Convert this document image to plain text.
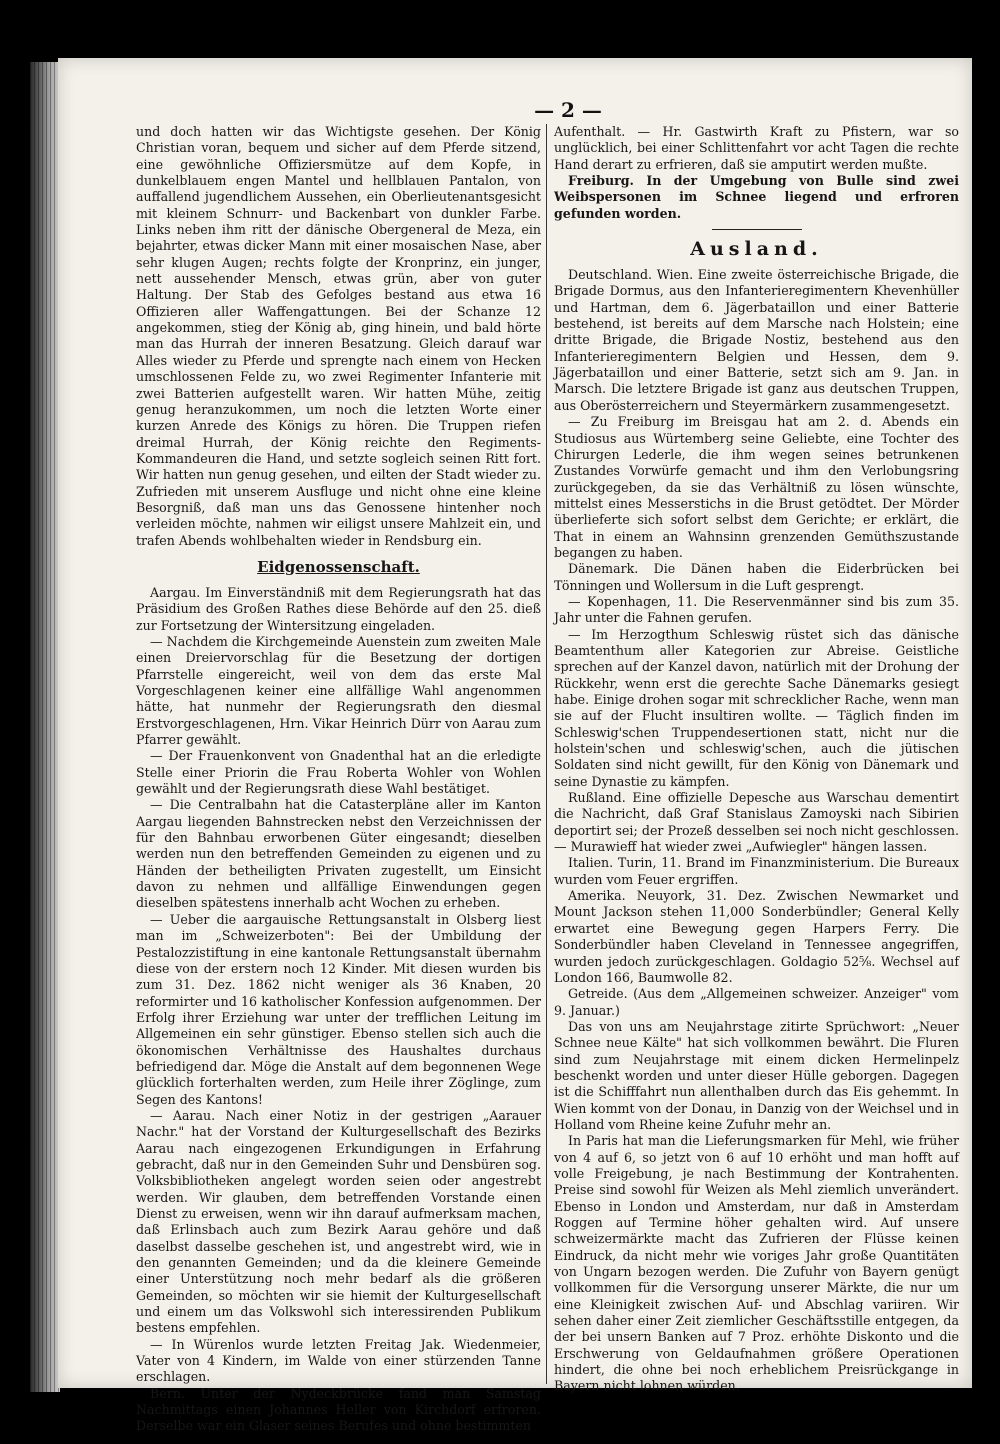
— 2 —

und doch hatten wir das Wichtigste gesehen. Der König Christian voran, bequem und sicher auf dem Pferde sitzend, eine gewöhnliche Offiziersmütze auf dem Kopfe, in dunkelblauem engen Mantel und hellblauen Pantalon, von auffallend jugendlichem Aussehen, ein Oberlieutenantsgesicht mit kleinem Schnurr- und Backenbart von dunkler Farbe. Links neben ihm ritt der dänische Obergeneral de Meza, ein bejahrter, etwas dicker Mann mit einer mosaischen Nase, aber sehr klugen Augen; rechts folgte der Kronprinz, ein junger, nett aussehender Mensch, etwas grün, aber von guter Haltung. Der Stab des Gefolges bestand aus etwa 16 Offizieren aller Waffengattungen. Bei der Schanze 12 angekommen, stieg der König ab, ging hinein, und bald hörte man das Hurrah der inneren Besatzung. Gleich darauf war Alles wieder zu Pferde und sprengte nach einem von Hecken umschlossenen Felde zu, wo zwei Regimenter Infanterie mit zwei Batterien aufgestellt waren. Wir hatten Mühe, zeitig genug heranzukommen, um noch die letzten Worte einer kurzen Anrede des Königs zu hören. Die Truppen riefen dreimal Hurrah, der König reichte den Regiments-Kommandeuren die Hand, und setzte sogleich seinen Ritt fort. Wir hatten nun genug gesehen, und eilten der Stadt wieder zu. Zufrieden mit unserem Ausfluge und nicht ohne eine kleine Besorgniß, daß man uns das Genossene hintenher noch verleiden möchte, nahmen wir eiligst unsere Mahlzeit ein, und trafen Abends wohlbehalten wieder in Rendsburg ein.

Eidgenossenschaft.

Aargau. Im Einverständniß mit dem Regierungsrath hat das Präsidium des Großen Rathes diese Behörde auf den 25. dieß zur Fortsetzung der Wintersitzung eingeladen.

— Nachdem die Kirchgemeinde Auenstein zum zweiten Male einen Dreiervorschlag für die Besetzung der dortigen Pfarrstelle eingereicht, weil von dem das erste Mal Vorgeschlagenen keiner eine allfällige Wahl angenommen hätte, hat nunmehr der Regierungsrath den diesmal Erstvorgeschlagenen, Hrn. Vikar Heinrich Dürr von Aarau zum Pfarrer gewählt.

— Der Frauenkonvent von Gnadenthal hat an die erledigte Stelle einer Priorin die Frau Roberta Wohler von Wohlen gewählt und der Regierungsrath diese Wahl bestätiget.

— Die Centralbahn hat die Catasterpläne aller im Kanton Aargau liegenden Bahnstrecken nebst den Verzeichnissen der für den Bahnbau erworbenen Güter eingesandt; dieselben werden nun den betreffenden Gemeinden zu eigenen und zu Händen der betheiligten Privaten zugestellt, um Einsicht davon zu nehmen und allfällige Einwendungen gegen dieselben spätestens innerhalb acht Wochen zu erheben.

— Ueber die aargauische Rettungsanstalt in Olsberg liest man im „Schweizerboten": Bei der Umbildung der Pestalozzistiftung in eine kantonale Rettungsanstalt übernahm diese von der erstern noch 12 Kinder. Mit diesen wurden bis zum 31. Dez. 1862 nicht weniger als 36 Knaben, 20 reformirter und 16 katholischer Konfession aufgenommen. Der Erfolg ihrer Erziehung war unter der trefflichen Leitung im Allgemeinen ein sehr günstiger. Ebenso stellen sich auch die ökonomischen Verhältnisse des Haushaltes durchaus befriedigend dar. Möge die Anstalt auf dem begonnenen Wege glücklich forterhalten werden, zum Heile ihrer Zöglinge, zum Segen des Kantons!

— Aarau. Nach einer Notiz in der gestrigen „Aarauer Nachr." hat der Vorstand der Kulturgesellschaft des Bezirks Aarau nach eingezogenen Erkundigungen in Erfahrung gebracht, daß nur in den Gemeinden Suhr und Densbüren sog. Volksbibliotheken angelegt worden seien oder angestrebt werden. Wir glauben, dem betreffenden Vorstande einen Dienst zu erweisen, wenn wir ihn darauf aufmerksam machen, daß Erlinsbach auch zum Bezirk Aarau gehöre und daß daselbst dasselbe geschehen ist, und angestrebt wird, wie in den genannten Gemeinden; und da die kleinere Gemeinde einer Unterstützung noch mehr bedarf als die größeren Gemeinden, so möchten wir sie hiemit der Kulturgesellschaft und einem um das Volkswohl sich interessirenden Publikum bestens empfehlen.

— In Würenlos wurde letzten Freitag Jak. Wiedenmeier, Vater von 4 Kindern, im Walde von einer stürzenden Tanne erschlagen.

Bern. Unter der Nydeckbrücke fand man Samstag Nachmittags einen Johannes Heller von Kirchdorf erfroren. Derselbe war ein Glaser seines Berufes und ohne bestimmten

Aufenthalt. — Hr. Gastwirth Kraft zu Pfistern, war so unglücklich, bei einer Schlittenfahrt vor acht Tagen die rechte Hand derart zu erfrieren, daß sie amputirt werden mußte.

Freiburg. In der Umgebung von Bulle sind zwei Weibspersonen im Schnee liegend und erfroren gefunden worden.

Ausland.

Deutschland. Wien. Eine zweite österreichische Brigade, die Brigade Dormus, aus den Infanterieregimentern Khevenhüller und Hartman, dem 6. Jägerbataillon und einer Batterie bestehend, ist bereits auf dem Marsche nach Holstein; eine dritte Brigade, die Brigade Nostiz, bestehend aus den Infanterieregimentern Belgien und Hessen, dem 9. Jägerbataillon und einer Batterie, setzt sich am 9. Jan. in Marsch. Die letztere Brigade ist ganz aus deutschen Truppen, aus Oberösterreichern und Steyermärkern zusammengesetzt.

— Zu Freiburg im Breisgau hat am 2. d. Abends ein Studiosus aus Würtemberg seine Geliebte, eine Tochter des Chirurgen Lederle, die ihm wegen seines betrunkenen Zustandes Vorwürfe gemacht und ihm den Verlobungsring zurückgegeben, da sie das Verhältniß zu lösen wünschte, mittelst eines Messerstichs in die Brust getödtet. Der Mörder überlieferte sich sofort selbst dem Gerichte; er erklärt, die That in einem an Wahnsinn grenzenden Gemüthszustande begangen zu haben.

Dänemark. Die Dänen haben die Eiderbrücken bei Tönningen und Wollersum in die Luft gesprengt.

— Kopenhagen, 11. Die Reservenmänner sind bis zum 35. Jahr unter die Fahnen gerufen.

— Im Herzogthum Schleswig rüstet sich das dänische Beamtenthum aller Kategorien zur Abreise. Geistliche sprechen auf der Kanzel davon, natürlich mit der Drohung der Rückkehr, wenn erst die gerechte Sache Dänemarks gesiegt habe. Einige drohen sogar mit schrecklicher Rache, wenn man sie auf der Flucht insultiren wollte. — Täglich finden im Schleswig'schen Truppendesertionen statt, nicht nur die holstein'schen und schleswig'schen, auch die jütischen Soldaten sind nicht gewillt, für den König von Dänemark und seine Dynastie zu kämpfen.

Rußland. Eine offizielle Depesche aus Warschau dementirt die Nachricht, daß Graf Stanislaus Zamoyski nach Sibirien deportirt sei; der Prozeß desselben sei noch nicht geschlossen. — Murawieff hat wieder zwei „Aufwiegler" hängen lassen.

Italien. Turin, 11. Brand im Finanzministerium. Die Bureaux wurden vom Feuer ergriffen.

Amerika. Neuyork, 31. Dez. Zwischen Newmarket und Mount Jackson stehen 11,000 Sonderbündler; General Kelly erwartet eine Bewegung gegen Harpers Ferry. Die Sonderbündler haben Cleveland in Tennessee angegriffen, wurden jedoch zurückgeschlagen. Goldagio 52⅝. Wechsel auf London 166, Baumwolle 82.

Getreide. (Aus dem „Allgemeinen schweizer. Anzeiger" vom 9. Januar.)

Das von uns am Neujahrstage zitirte Sprüchwort: „Neuer Schnee neue Kälte" hat sich vollkommen bewährt. Die Fluren sind zum Neujahrstage mit einem dicken Hermelinpelz beschenkt worden und unter dieser Hülle geborgen. Dagegen ist die Schifffahrt nun allenthalben durch das Eis gehemmt. In Wien kommt von der Donau, in Danzig von der Weichsel und in Holland vom Rheine keine Zufuhr mehr an.

In Paris hat man die Lieferungsmarken für Mehl, wie früher von 4 auf 6, so jetzt von 6 auf 10 erhöht und man hofft auf volle Freigebung, je nach Bestimmung der Kontrahenten. Preise sind sowohl für Weizen als Mehl ziemlich unverändert. Ebenso in London und Amsterdam, nur daß in Amsterdam Roggen auf Termine höher gehalten wird. Auf unsere schweizermärkte macht das Zufrieren der Flüsse keinen Eindruck, da nicht mehr wie voriges Jahr große Quantitäten von Ungarn bezogen werden. Die Zufuhr von Bayern genügt vollkommen für die Versorgung unserer Märkte, die nur um eine Kleinigkeit zwischen Auf- und Abschlag variiren. Wir sehen daher einer Zeit ziemlicher Geschäftsstille entgegen, da der bei unsern Banken auf 7 Proz. erhöhte Diskonto und die Erschwerung von Geldaufnahmen größere Operationen hindert, die ohne bei noch erheblichem Preisrückgange in Bayern nicht lohnen würden.
